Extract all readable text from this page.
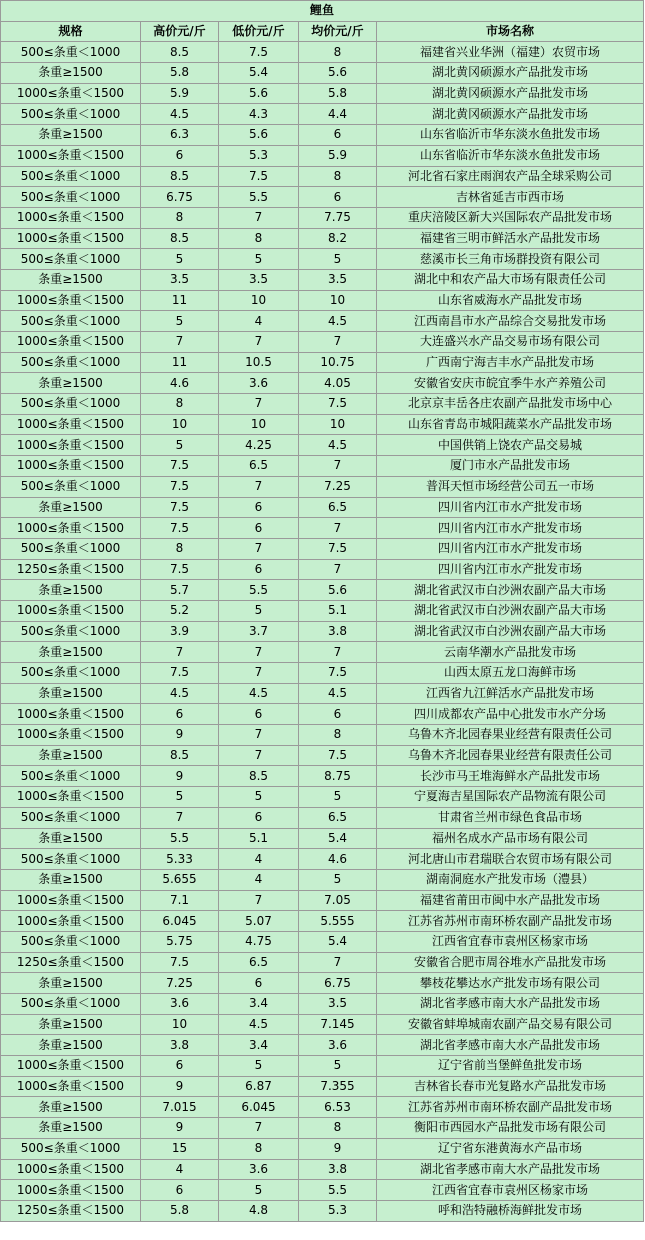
鲤鱼				
规格	高价元/斤	低价元/斤	均价元/斤	市场名称
500≤条重＜1000	8.5	7.5	8	福建省兴业华洲（福建）农贸市场
条重≥1500	5.8	5.4	5.6	湖北黄冈硕源水产品批发市场
1000≤条重＜1500	5.9	5.6	5.8	湖北黄冈硕源水产品批发市场
500≤条重＜1000	4.5	4.3	4.4	湖北黄冈硕源水产品批发市场
条重≥1500	6.3	5.6	6	山东省临沂市华东淡水鱼批发市场
1000≤条重＜1500	6	5.3	5.9	山东省临沂市华东淡水鱼批发市场
500≤条重＜1000	8.5	7.5	8	河北省石家庄雨润农产品全球采购公司
500≤条重＜1000	6.75	5.5	6	吉林省延吉市西市场
1000≤条重＜1500	8	7	7.75	重庆涪陵区新大兴国际农产品批发市场
1000≤条重＜1500	8.5	8	8.2	福建省三明市鲜活水产品批发市场
500≤条重＜1000	5	5	5	慈溪市长三角市场群投资有限公司
条重≥1500	3.5	3.5	3.5	湖北中和农产品大市场有限责任公司
1000≤条重＜1500	11	10	10	山东省威海水产品批发市场
500≤条重＜1000	5	4	4.5	江西南昌市水产品综合交易批发市场
1000≤条重＜1500	7	7	7	大连盛兴水产品交易市场有限公司
500≤条重＜1000	11	10.5	10.75	广西南宁海吉丰水产品批发市场
条重≥1500	4.6	3.6	4.05	安徽省安庆市皖宜季牛水产养殖公司
500≤条重＜1000	8	7	7.5	北京京丰岳各庄农副产品批发市场中心
1000≤条重＜1500	10	10	10	山东省青岛市城阳蔬菜水产品批发市场
1000≤条重＜1500	5	4.25	4.5	中国供销上饶农产品交易城
1000≤条重＜1500	7.5	6.5	7	厦门市水产品批发市场
500≤条重＜1000	7.5	7	7.25	普洱天恒市场经营公司五一市场
条重≥1500	7.5	6	6.5	四川省内江市水产批发市场
1000≤条重＜1500	7.5	6	7	四川省内江市水产批发市场
500≤条重＜1000	8	7	7.5	四川省内江市水产批发市场
1250≤条重＜1500	7.5	6	7	四川省内江市水产批发市场
条重≥1500	5.7	5.5	5.6	湖北省武汉市白沙洲农副产品大市场
1000≤条重＜1500	5.2	5	5.1	湖北省武汉市白沙洲农副产品大市场
500≤条重＜1000	3.9	3.7	3.8	湖北省武汉市白沙洲农副产品大市场
条重≥1500	7	7	7	云南华潮水产品批发市场
500≤条重＜1000	7.5	7	7.5	山西太原五龙口海鲜市场
条重≥1500	4.5	4.5	4.5	江西省九江鲜活水产品批发市场
1000≤条重＜1500	6	6	6	四川成都农产品中心批发市水产分场
1000≤条重＜1500	9	7	8	乌鲁木齐北园春果业经营有限责任公司
条重≥1500	8.5	7	7.5	乌鲁木齐北园春果业经营有限责任公司
500≤条重＜1000	9	8.5	8.75	长沙市马王堆海鲜水产品批发市场
1000≤条重＜1500	5	5	5	宁夏海吉星国际农产品物流有限公司
500≤条重＜1000	7	6	6.5	甘肃省兰州市绿色食品市场
条重≥1500	5.5	5.1	5.4	福州名成水产品市场有限公司
500≤条重＜1000	5.33	4	4.6	河北唐山市君瑞联合农贸市场有限公司
条重≥1500	5.655	4	5	湖南洞庭水产批发市场（澧县）
1000≤条重＜1500	7.1	7	7.05	福建省莆田市闽中水产品批发市场
1000≤条重＜1500	6.045	5.07	5.555	江苏省苏州市南环桥农副产品批发市场
500≤条重＜1000	5.75	4.75	5.4	江西省宜春市袁州区杨家市场
1250≤条重＜1500	7.5	6.5	7	安徽省合肥市周谷堆水产品批发市场
条重≥1500	7.25	6	6.75	攀枝花攀达水产批发市场有限公司
500≤条重＜1000	3.6	3.4	3.5	湖北省孝感市南大水产品批发市场
条重≥1500	10	4.5	7.145	安徽省蚌埠城南农副产品交易有限公司
条重≥1500	3.8	3.4	3.6	湖北省孝感市南大水产品批发市场
1000≤条重＜1500	6	5	5	辽宁省前当堡鲜鱼批发市场
1000≤条重＜1500	9	6.87	7.355	吉林省长春市光复路水产品批发市场
条重≥1500	7.015	6.045	6.53	江苏省苏州市南环桥农副产品批发市场
条重≥1500	9	7	8	衡阳市西园水产品批发市场有限公司
500≤条重＜1000	15	8	9	辽宁省东港黄海水产品市场
1000≤条重＜1500	4	3.6	3.8	湖北省孝感市南大水产品批发市场
1000≤条重＜1500	6	5	5.5	江西省宜春市袁州区杨家市场
1250≤条重＜1500	5.8	4.8	5.3	呼和浩特融桥海鲜批发市场
